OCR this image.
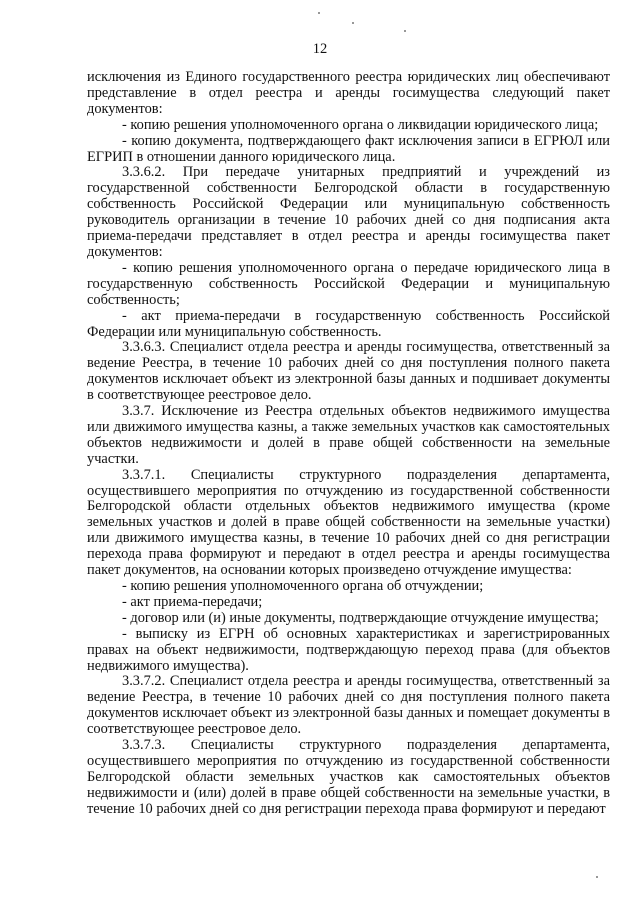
12

исключения из Единого государственного реестра юридических лиц обеспечивают представление в отдел реестра и аренды госимущества следующий пакет документов:

- копию решения уполномоченного органа о ликвидации юридического лица;

- копию документа, подтверждающего факт исключения записи в ЕГРЮЛ или ЕГРИП в отношении данного юридического лица.

3.3.6.2. При передаче унитарных предприятий и учреждений из государственной собственности Белгородской области в государственную собственность Российской Федерации или муниципальную собственность руководитель организации в течение 10 рабочих дней со дня подписания акта приема-передачи представляет в отдел реестра и аренды госимущества пакет документов:

- копию решения уполномоченного органа о передаче юридического лица в государственную собственность Российской Федерации и муниципальную собственность;

- акт приема-передачи в государственную собственность Российской Федерации или муниципальную собственность.

3.3.6.3. Специалист отдела реестра и аренды госимущества, ответственный за ведение Реестра, в течение 10 рабочих дней со дня поступления полного пакета документов исключает объект из электронной базы данных и подшивает документы в соответствующее реестровое дело.

3.3.7. Исключение из Реестра отдельных объектов недвижимого имущества или движимого имущества казны, а также земельных участков как самостоятельных объектов недвижимости и долей в праве общей собственности на земельные участки.

3.3.7.1. Специалисты структурного подразделения департамента, осуществившего мероприятия по отчуждению из государственной собственности Белгородской области отдельных объектов недвижимого имущества (кроме земельных участков и долей в праве общей собственности на земельные участки) или движимого имущества казны, в течение 10 рабочих дней со дня регистрации перехода права формируют и передают в отдел реестра и аренды госимущества пакет документов, на основании которых произведено отчуждение имущества:

- копию решения уполномоченного органа об отчуждении;

- акт приема-передачи;

- договор или (и) иные документы, подтверждающие отчуждение имущества;

- выписку из ЕГРН об основных характеристиках и зарегистрированных правах на объект недвижимости, подтверждающую переход права (для объектов недвижимого имущества).

3.3.7.2. Специалист отдела реестра и аренды госимущества, ответственный за ведение Реестра, в течение 10 рабочих дней со дня поступления полного пакета документов исключает объект из электронной базы данных и помещает документы в соответствующее реестровое дело.

3.3.7.3. Специалисты структурного подразделения департамента, осуществившего мероприятия по отчуждению из государственной собственности Белгородской области земельных участков как самостоятельных объектов недвижимости и (или) долей в праве общей собственности на земельные участки, в течение 10 рабочих дней со дня регистрации перехода права формируют и передают
